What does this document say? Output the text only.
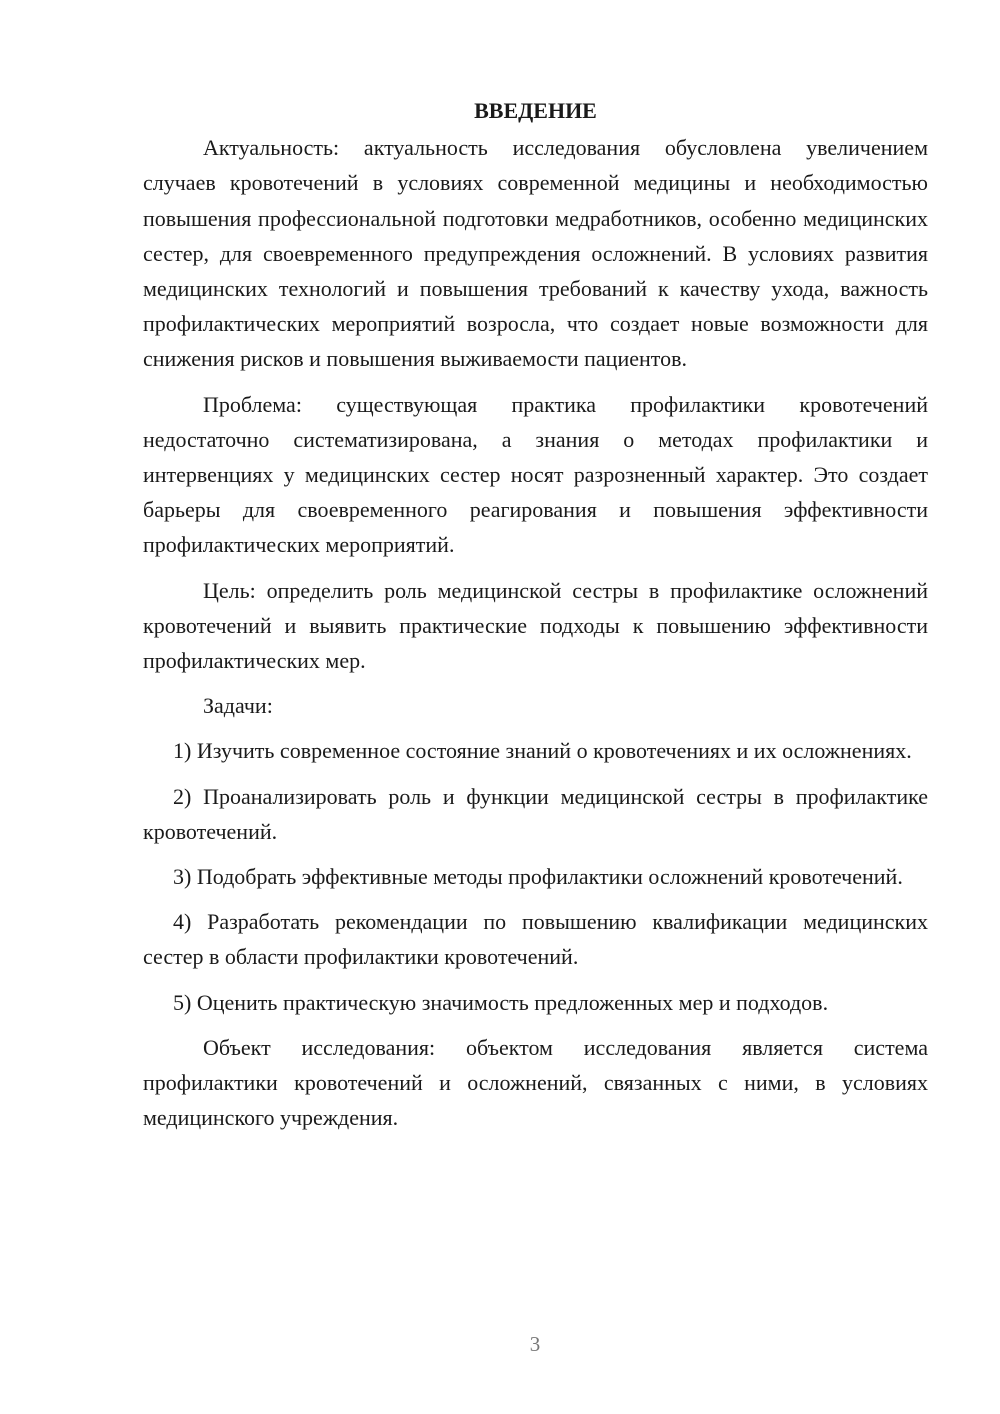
ВВЕДЕНИЕ

Актуальность: актуальность исследования обусловлена увеличением случаев кровотечений в условиях современной медицины и необходимостью повышения профессиональной подготовки медработников, особенно медицинских сестер, для своевременного предупреждения осложнений. В условиях развития медицинских технологий и повышения требований к качеству ухода, важность профилактических мероприятий возросла, что создает новые возможности для снижения рисков и повышения выживаемости пациентов.

Проблема: существующая практика профилактики кровотечений недостаточно систематизирована, а знания о методах профилактики и интервенциях у медицинских сестер носят разрозненный характер. Это создает барьеры для своевременного реагирования и повышения эффективности профилактических мероприятий.

Цель: определить роль медицинской сестры в профилактике осложнений кровотечений и выявить практические подходы к повышению эффективности профилактических мер.

Задачи:

1) Изучить современное состояние знаний о кровотечениях и их осложнениях.

2) Проанализировать роль и функции медицинской сестры в профилактике кровотечений.

3) Подобрать эффективные методы профилактики осложнений кровотечений.

4) Разработать рекомендации по повышению квалификации медицинских сестер в области профилактики кровотечений.

5) Оценить практическую значимость предложенных мер и подходов.

Объект исследования: объектом исследования является система профилактики кровотечений и осложнений, связанных с ними, в условиях медицинского учреждения.

3
